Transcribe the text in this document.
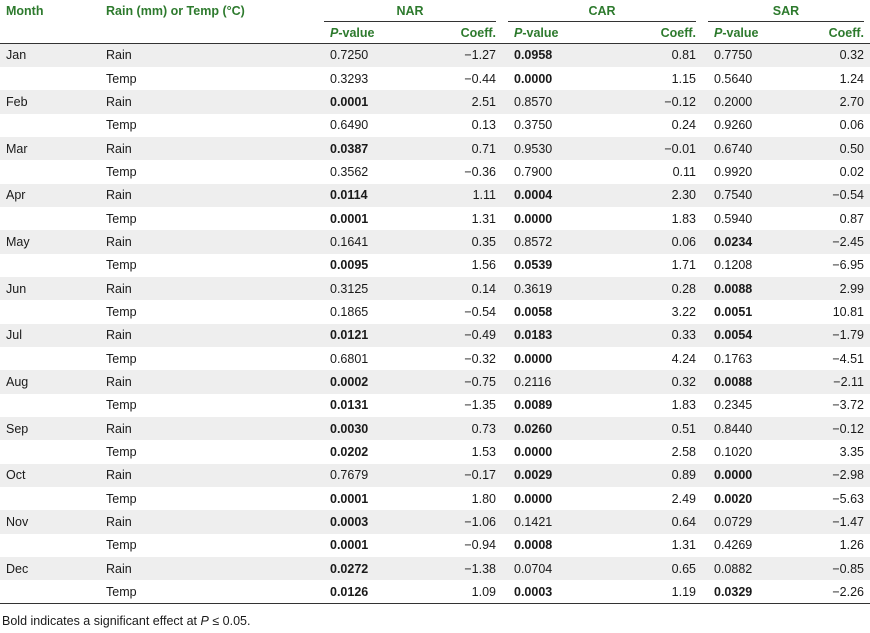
Month	Rain (mm) or Temp (°C)	NAR		CAR		SAR	

		P-value	Coeff.	P-value	Coeff.	P-value	Coeff.
Jan	Rain	0.7250	−1.27	0.0958	0.81	0.7750	0.32
	Temp	0.3293	−0.44	0.0000	1.15	0.5640	1.24
Feb	Rain	0.0001	2.51	0.8570	−0.12	0.2000	2.70
	Temp	0.6490	0.13	0.3750	0.24	0.9260	0.06
Mar	Rain	0.0387	0.71	0.9530	−0.01	0.6740	0.50
	Temp	0.3562	−0.36	0.7900	0.11	0.9920	0.02
Apr	Rain	0.0114	1.11	0.0004	2.30	0.7540	−0.54
	Temp	0.0001	1.31	0.0000	1.83	0.5940	0.87
May	Rain	0.1641	0.35	0.8572	0.06	0.0234	−2.45
	Temp	0.0095	1.56	0.0539	1.71	0.1208	−6.95
Jun	Rain	0.3125	0.14	0.3619	0.28	0.0088	2.99
	Temp	0.1865	−0.54	0.0058	3.22	0.0051	10.81
Jul	Rain	0.0121	−0.49	0.0183	0.33	0.0054	−1.79
	Temp	0.6801	−0.32	0.0000	4.24	0.1763	−4.51
Aug	Rain	0.0002	−0.75	0.2116	0.32	0.0088	−2.11
	Temp	0.0131	−1.35	0.0089	1.83	0.2345	−3.72
Sep	Rain	0.0030	0.73	0.0260	0.51	0.8440	−0.12
	Temp	0.0202	1.53	0.0000	2.58	0.1020	3.35
Oct	Rain	0.7679	−0.17	0.0029	0.89	0.0000	−2.98
	Temp	0.0001	1.80	0.0000	2.49	0.0020	−5.63
Nov	Rain	0.0003	−1.06	0.1421	0.64	0.0729	−1.47
	Temp	0.0001	−0.94	0.0008	1.31	0.4269	1.26
Dec	Rain	0.0272	−1.38	0.0704	0.65	0.0882	−0.85
	Temp	0.0126	1.09	0.0003	1.19	0.0329	−2.26
Bold indicates a significant effect at P ≤ 0.05.
